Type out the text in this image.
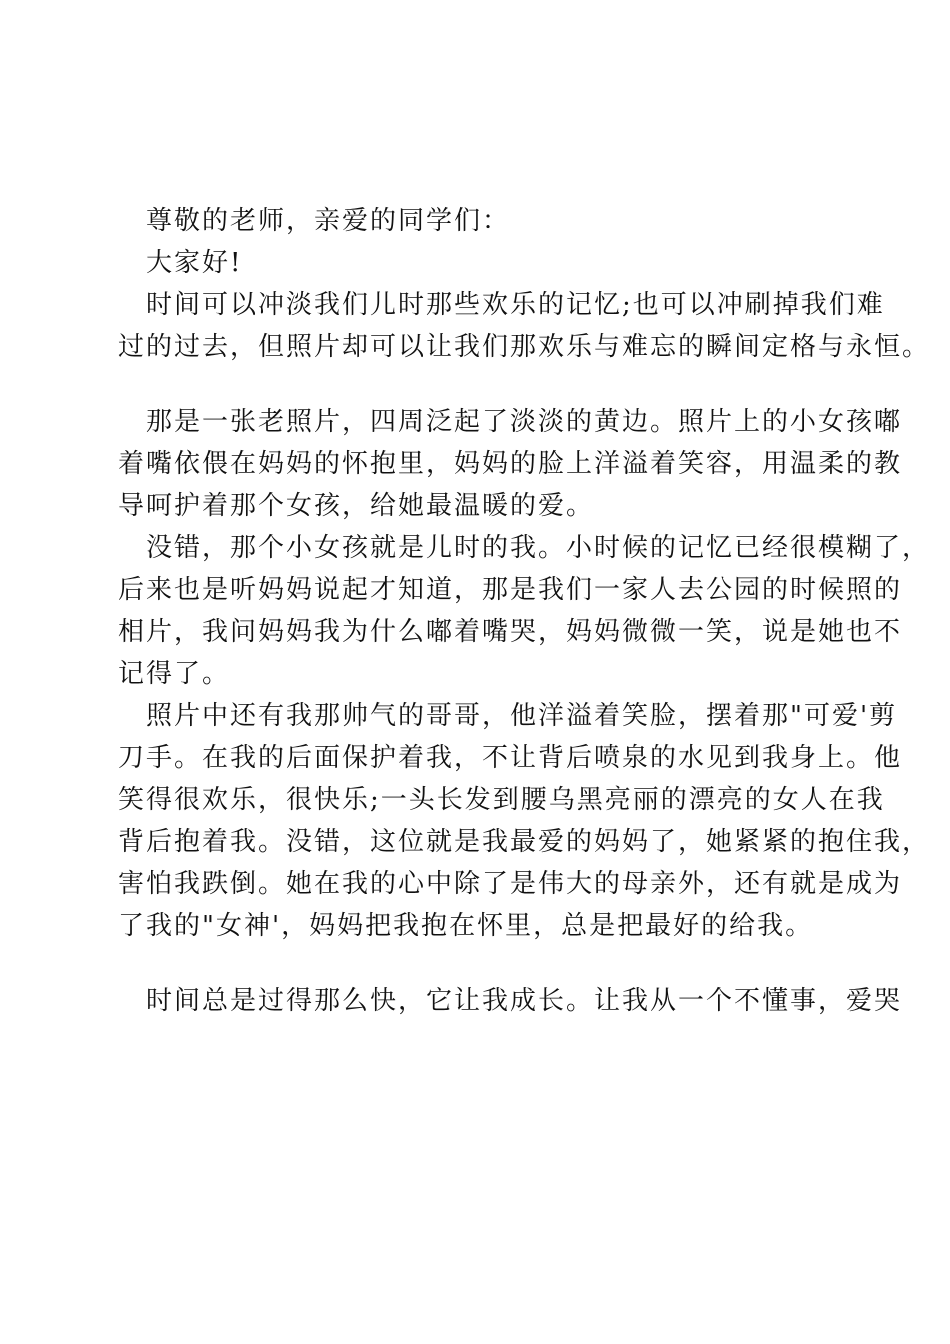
尊敬的老师，亲爱的同学们：
大家好!
时间可以冲淡我们儿时那些欢乐的记忆;也可以冲刷掉我们难
过的过去，但照片却可以让我们那欢乐与难忘的瞬间定格与永恒。
那是一张老照片，四周泛起了淡淡的黄边。照片上的小女孩嘟
着嘴依偎在妈妈的怀抱里，妈妈的脸上洋溢着笑容，用温柔的教
导呵护着那个女孩，给她最温暖的爱。
没错，那个小女孩就是儿时的我。小时候的记忆已经很模糊了，
后来也是听妈妈说起才知道，那是我们一家人去公园的时候照的
相片，我问妈妈我为什么嘟着嘴哭，妈妈微微一笑，说是她也不
记得了。
照片中还有我那帅气的哥哥，他洋溢着笑脸，摆着那"可爱'剪
刀手。在我的后面保护着我，不让背后喷泉的水见到我身上。他
笑得很欢乐，很快乐;一头长发到腰乌黑亮丽的漂亮的女人在我
背后抱着我。没错，这位就是我最爱的妈妈了，她紧紧的抱住我，
害怕我跌倒。她在我的心中除了是伟大的母亲外，还有就是成为
了我的"女神'，妈妈把我抱在怀里，总是把最好的给我。
时间总是过得那么快，它让我成长。让我从一个不懂事，爱哭
